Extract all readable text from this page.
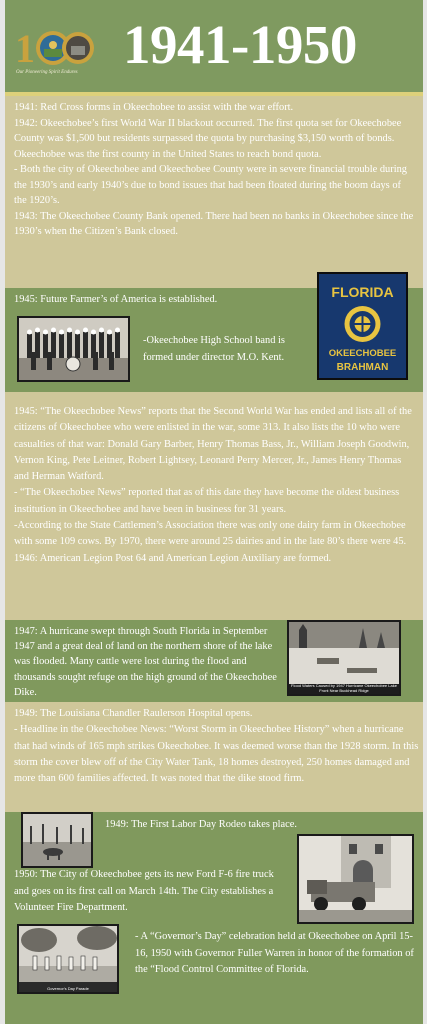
1
Our Pioneering Spirit Endures 1941-1950

1941: Red Cross forms in Okeechobee to assist with the war effort.

1942: Okeechobee’s first World War II blackout occurred. The first quota set for Okeechobee County was $1,500 but residents surpassed the quota by purchasing $3,150 worth of bonds. Okeechobee was the first county in the United States to reach bond quota.

- Both the city of Okeechobee and Okeechobee County were in severe financial trouble during the 1930’s and early 1940’s due to bond issues that had been floated during the boom days of the 1920’s.

1943: The Okeechobee County Bank opened. There had been no banks in Okeechobee since the 1930’s when the Citizen’s Bank closed.

1945: Future Farmer’s of America is established.
-Okeechobee High School band is formed under director M.O. Kent.
FLORIDA
OKEECHOBEE
BRAHMAN

1945: “The Okeechobee News” reports that the Second World War has ended and lists all of the citizens of Okeechobee who were enlisted in the war, some 313. It also lists the 10 who were casualties of that war: Donald Gary Barber, Henry Thomas Bass, Jr., William Joseph Goodwin, Vernon King, Pete Leitner, Robert Lightsey, Leonard Perry Mercer, Jr., James Henry Thomas and Herman Watford.

- “The Okeechobee News” reported that as of this date they have become the oldest business institution in Okeechobee and have been in business for 31 years.

-According to the State Cattlemen’s Association there was only one dairy farm in Okeechobee with some 109 cows. By 1970, there were around 25 dairies and in the late 80’s there were 45.

1946: American Legion Post 64 and American Legion Auxiliary are formed.

1947: A hurricane swept through South Florida in September 1947 and a great deal of land on the northern shore of the lake was flooded. Many cattle were lost during the flood and thousands sought refuge on the high ground of the Okeechobee Dike.
Flood Waters Caused by 1947 Hurricane Okeechobee Lake Front Near Buckhead Ridge

1949: The Louisiana Chandler Raulerson Hospital opens.

- Headline in the Okeechobee News: “Worst Storm in Okeechobee History” when a hurricane that had winds of 165 mph strikes Okeechobee. It was deemed worse than the 1928 storm. In this storm the cover blew off of the City Water Tank, 18 homes destroyed, 250 homes damaged and more than 600 families affected. It was noted that the dike stood firm.

1949: The First Labor Day Rodeo takes place.
1950: The City of Okeechobee gets its new Ford F-6 fire truck and goes on its first call on March 14th. The City establishes a Volunteer Fire Department.
Governor's Day Parade
- A “Governor’s Day” celebration held at Okeechobee on April 15-16, 1950 with Governor Fuller Warren in honor of the formation of the “Flood Control Committee of Florida.
